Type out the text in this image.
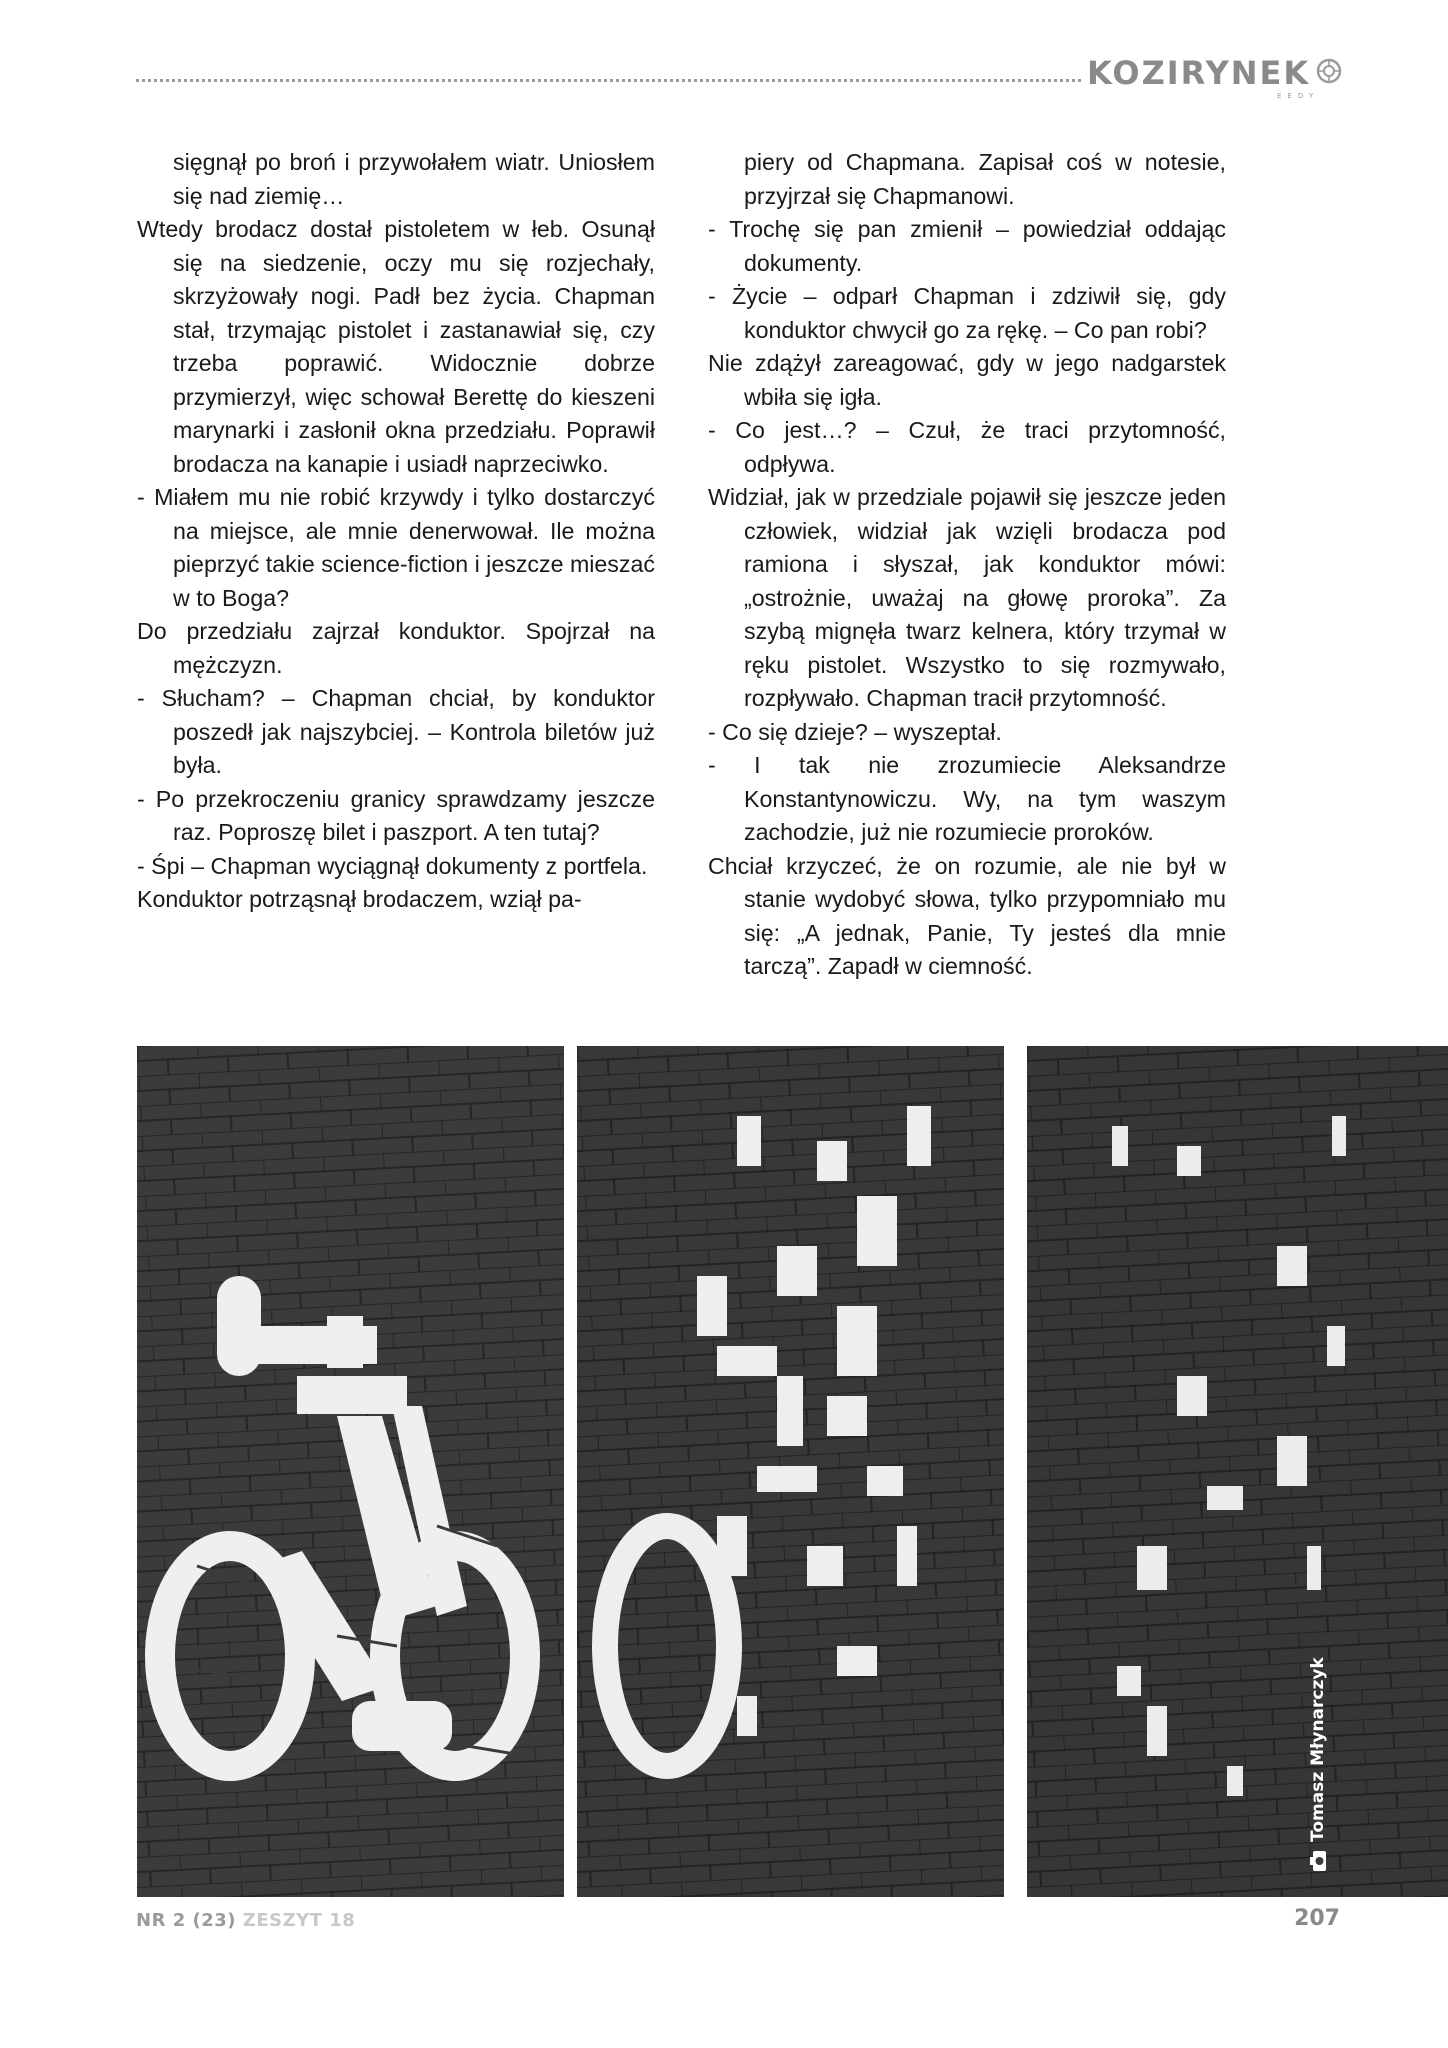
KOZIRYNEK
EEDY

sięgnął po broń i przywołałem wiatr. Uniosłem się nad ziemię…

Wtedy brodacz dostał pistoletem w łeb. Osunął się na siedzenie, oczy mu się rozjechały, skrzyżowały nogi. Padł bez życia. Chapman stał, trzymając pistolet i zastanawiał się, czy trzeba poprawić. Widocznie dobrze przymierzył, więc schował Berettę do kieszeni marynarki i zasłonił okna przedziału. Poprawił brodacza na kanapie i usiadł naprzeciwko.

- Miałem mu nie robić krzywdy i tylko dostarczyć na miejsce, ale mnie denerwował. Ile można pieprzyć takie science-fiction i jeszcze mieszać w to Boga?

Do przedziału zajrzał konduktor. Spojrzał na mężczyzn.

- Słucham? – Chapman chciał, by konduktor poszedł jak najszybciej. – Kontrola biletów już była.

- Po przekroczeniu granicy sprawdzamy jeszcze raz. Poproszę bilet i paszport. A ten tutaj?

- Śpi – Chapman wyciągnął dokumenty z portfela.

Konduktor potrząsnął brodaczem, wziął pa-

piery od Chapmana. Zapisał coś w notesie, przyjrzał się Chapmanowi.

- Trochę się pan zmienił – powiedział oddając dokumenty.

- Życie – odparł Chapman i zdziwił się, gdy konduktor chwycił go za rękę. – Co pan robi?

Nie zdążył zareagować, gdy w jego nadgarstek wbiła się igła.

- Co jest…? – Czuł, że traci przytomność, odpływa.

Widział, jak w przedziale pojawił się jeszcze jeden człowiek, widział jak wzięli brodacza pod ramiona i słyszał, jak konduktor mówi: „ostrożnie, uważaj na głowę proroka”. Za szybą mignęła twarz kelnera, który trzymał w ręku pistolet. Wszystko to się rozmywało, rozpływało. Chapman tracił przytomność.

- Co się dzieje? – wyszeptał.

- I tak nie zrozumiecie Aleksandrze Konstantynowiczu. Wy, na tym waszym zachodzie, już nie rozumiecie proroków.

Chciał krzyczeć, że on rozumie, ale nie był w stanie wydobyć słowa, tylko przypomniało mu się: „A jednak, Panie, Ty jesteś dla mnie tarczą”. Zapadł w ciemność.

Tomasz Młynarczyk
NR 2 (23) ZESZYT 18	207
